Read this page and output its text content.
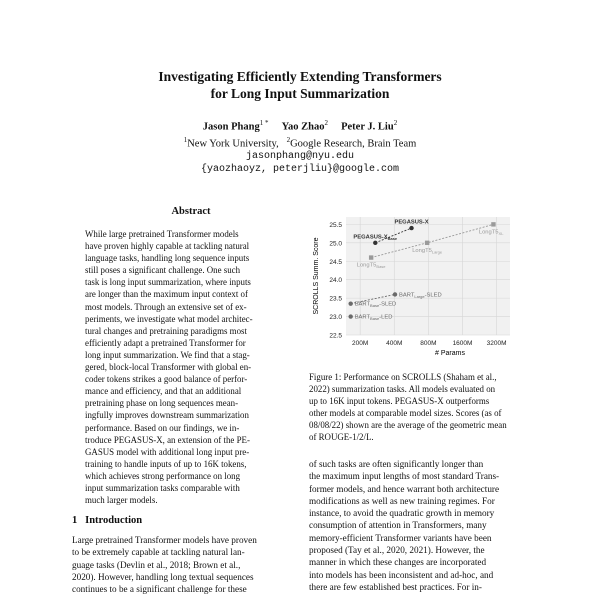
Investigating Efficiently Extending Transformers
for Long Input Summarization
Jason Phang$^{1 *}$ Yao Zhao$^2$ Peter J. Liu$^2$
$^1$New York University, $^2$Google Research, Brain Team
jasonphang@nyu.edu
{yaozhaoyz, peterjliu}@google.com
Abstract
While large pretrained Transformer models
have proven highly capable at tackling natural
language tasks, handling long sequence inputs
still poses a significant challenge. One such
task is long input summarization, where inputs
are longer than the maximum input context of
most models. Through an extensive set of ex-
periments, we investigate what model architec-
tural changes and pretraining paradigms most
efficiently adapt a pretrained Transformer for
long input summarization. We find that a stag-
gered, block-local Transformer with global en-
coder tokens strikes a good balance of perfor-
mance and efficiency, and that an additional
pretraining phase on long sequences mean-
ingfully improves downstream summarization
performance. Based on our findings, we in-
troduce PEGASUS-X, an extension of the PE-
GASUS model with additional long input pre-
training to handle inputs of up to 16K tokens,
which achieves strong performance on long
input summarization tasks comparable with
much larger models.
1 Introduction
Large pretrained Transformer models have proven
to be extremely capable at tackling natural lan-
guage tasks (Devlin et al., 2018; Brown et al.,
2020). However, handling long textual sequences
continues to be a significant challenge for these
22.5
23.0
23.5
24.0
24.5
25.0
25.5
200M	400M	800M 1600M 3200M
PEGASUS-$X_{Base}$
PEGASUS-X
$LongT5_{Base}$
$LongT5_{Large}$
$LongT5_{XL}$
$BART_{Base}$-SLED
$BART_{Large}$-SLED
$BART_{Base}$-LED
# Params
SCROLLS Summ. Score
Figure 1: Performance on SCROLLS (Shaham et al.,
2022) summarization tasks. All models evaluated on
up to 16K input tokens. PEGASUS-X outperforms
other models at comparable model sizes. Scores (as of
08/08/22) shown are the average of the geometric mean
of ROUGE-1/2/L.
of such tasks are often significantly longer than
the maximum input lengths of most standard Trans-
former models, and hence warrant both architecture
modifications as well as new training regimes. For
instance, to avoid the quadratic growth in memory
consumption of attention in Transformers, many
memory-efficient Transformer variants have been
proposed (Tay et al., 2020, 2021). However, the
manner in which these changes are incorporated
into models has been inconsistent and ad-hoc, and
there are few established best practices. For in-
